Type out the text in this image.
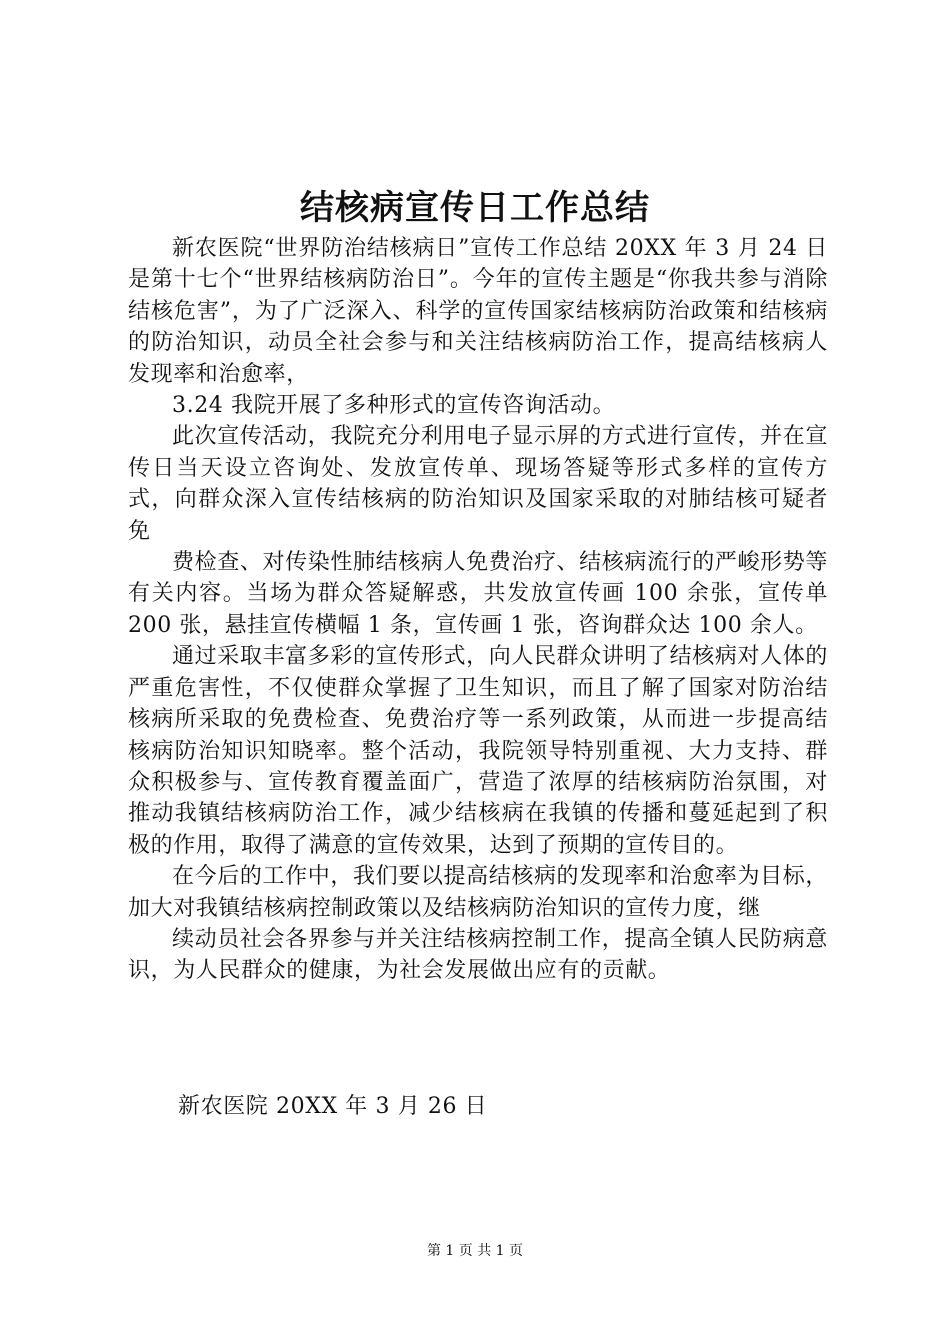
结核病宣传日工作总结

新农医院“世界防治结核病日”宣传工作总结 20XX 年 3 月 24 日是第十七个“世界结核病防治日”。今年的宣传主题是“你我共参与消除结核危害”，为了广泛深入、科学的宣传国家结核病防治政策和结核病的防治知识，动员全社会参与和关注结核病防治工作，提高结核病人发现率和治愈率，

3.24 我院开展了多种形式的宣传咨询活动。

此次宣传活动，我院充分利用电子显示屏的方式进行宣传，并在宣传日当天设立咨询处、发放宣传单、现场答疑等形式多样的宣传方式，向群众深入宣传结核病的防治知识及国家采取的对肺结核可疑者免

费检查、对传染性肺结核病人免费治疗、结核病流行的严峻形势等有关内容。当场为群众答疑解惑，共发放宣传画 100 余张，宣传单 200 张，悬挂宣传横幅 1 条，宣传画 1 张，咨询群众达 100 余人。

通过采取丰富多彩的宣传形式，向人民群众讲明了结核病对人体的严重危害性，不仅使群众掌握了卫生知识，而且了解了国家对防治结核病所采取的免费检查、免费治疗等一系列政策，从而进一步提高结核病防治知识知晓率。整个活动，我院领导特别重视、大力支持、群众积极参与、宣传教育覆盖面广，营造了浓厚的结核病防治氛围，对推动我镇结核病防治工作，减少结核病在我镇的传播和蔓延起到了积极的作用，取得了满意的宣传效果，达到了预期的宣传目的。

在今后的工作中，我们要以提高结核病的发现率和治愈率为目标，加大对我镇结核病控制政策以及结核病防治知识的宣传力度，继

续动员社会各界参与并关注结核病控制工作，提高全镇人民防病意识，为人民群众的健康，为社会发展做出应有的贡献。

新农医院 20XX 年 3 月 26 日

第 1 页 共 1 页
